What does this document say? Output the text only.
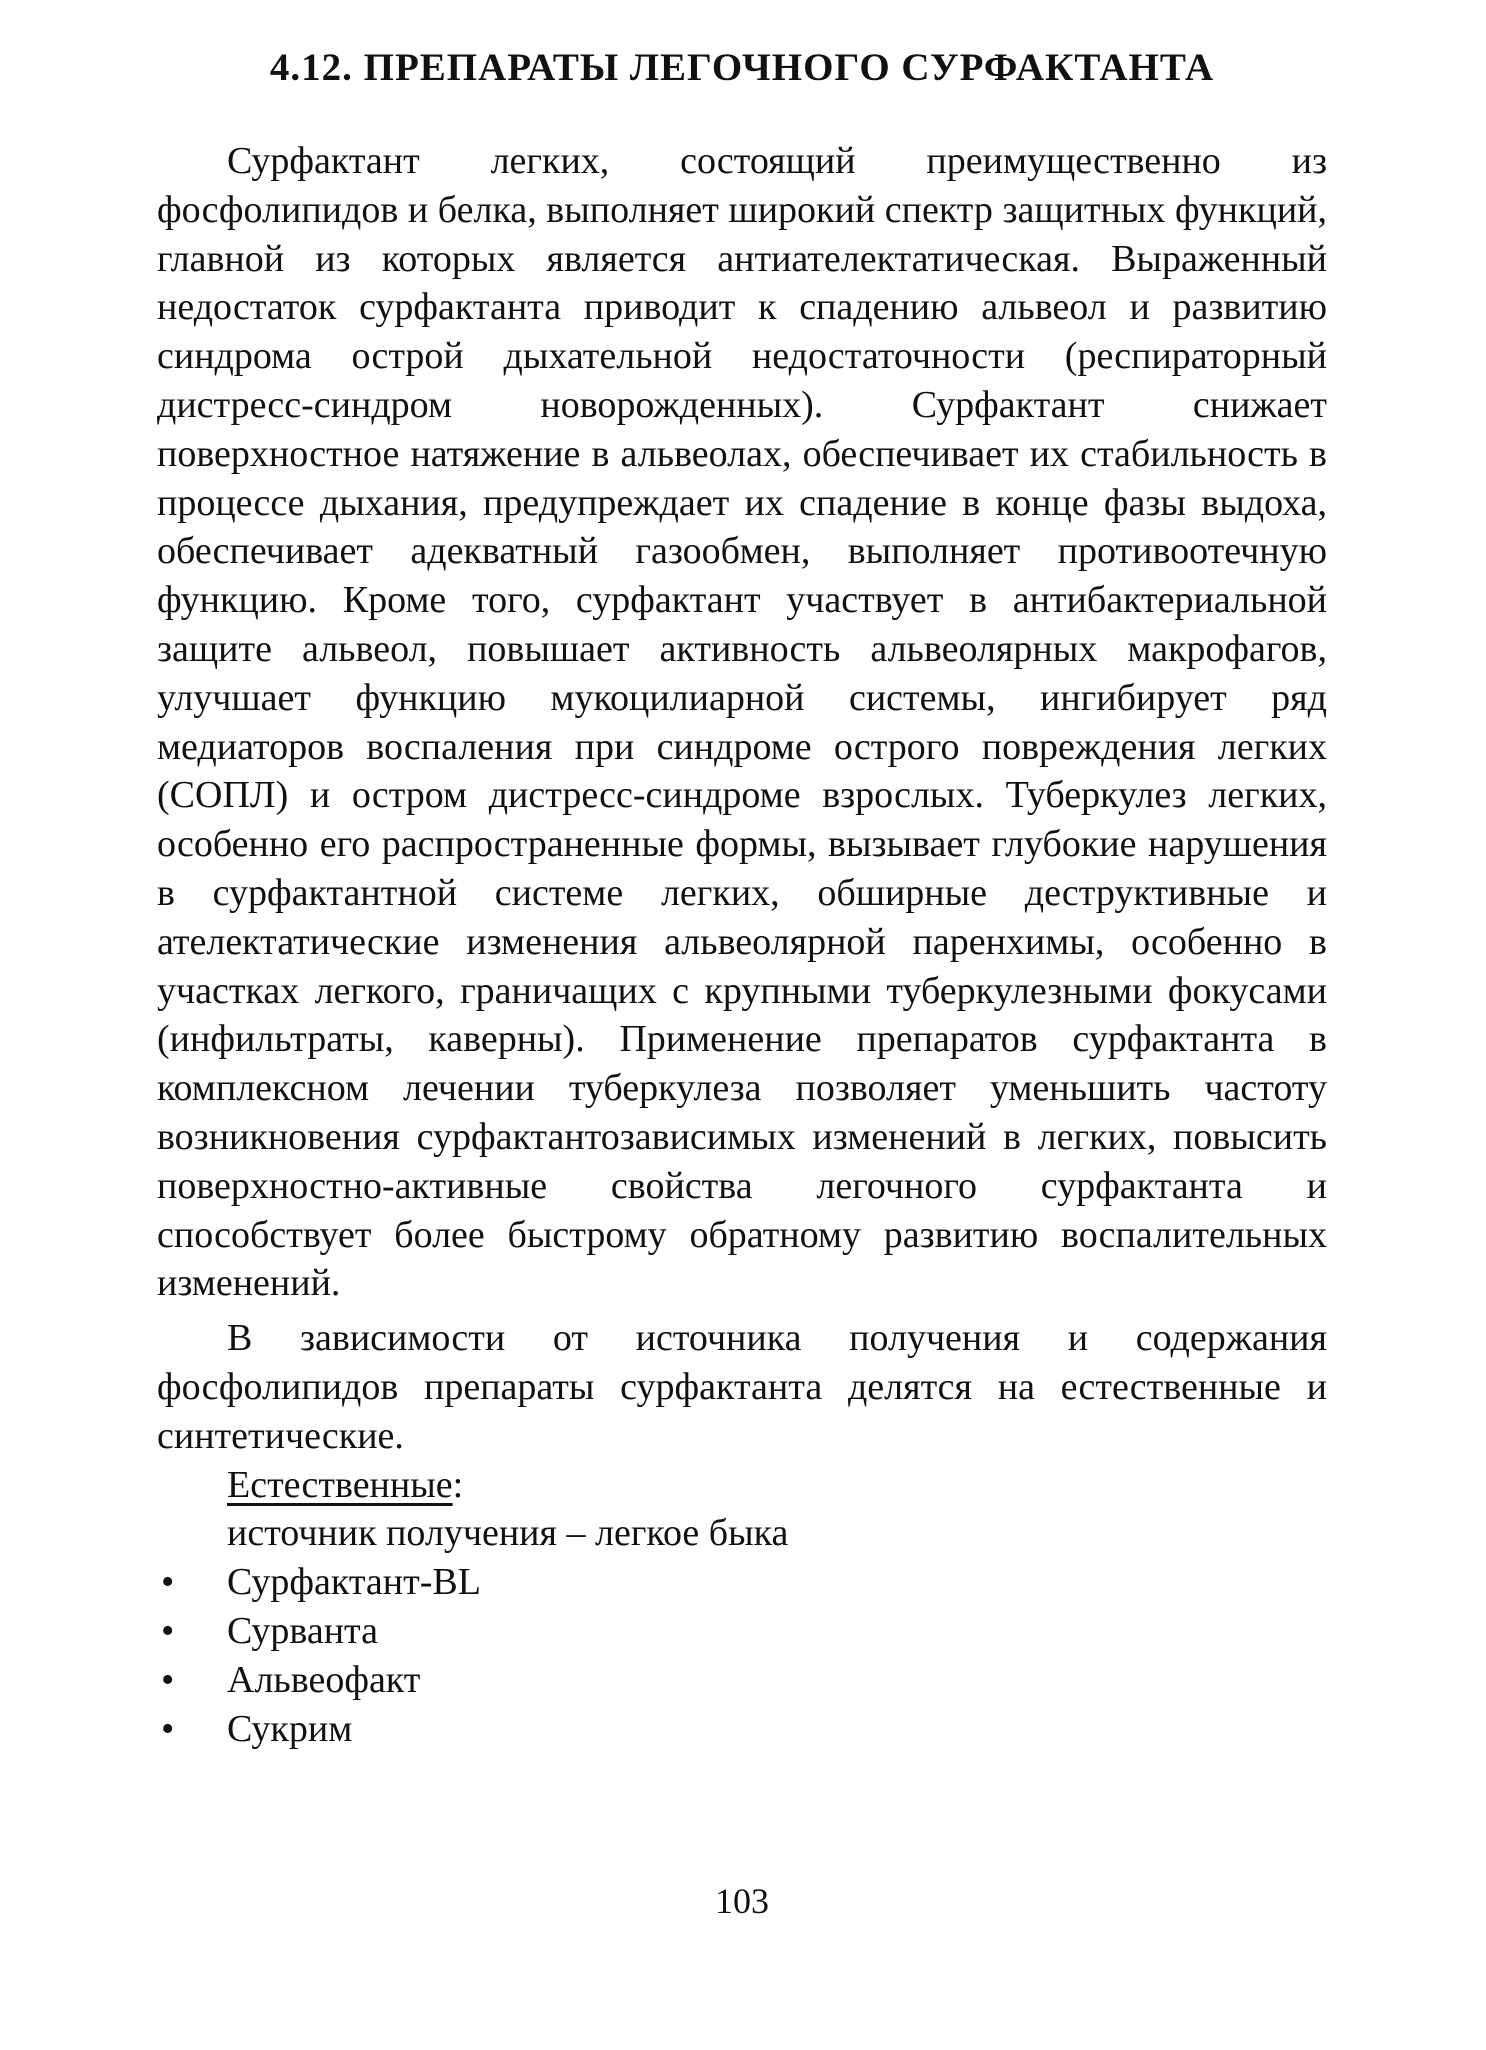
4.12. ПРЕПАРАТЫ ЛЕГОЧНОГО СУРФАКТАНТА

Сурфактант легких, состоящий преимущественно из фосфолипидов и белка, выполняет широкий спектр защитных функций, главной из которых является антиателектатическая. Выраженный недостаток сурфактанта приводит к спадению альвеол и развитию синдрома острой дыхательной недостаточности (респираторный дистресс-синдром новорожденных). Сурфактант снижает поверхностное натяжение в альвеолах, обеспечивает их стабильность в процессе дыхания, предупреждает их спадение в конце фазы выдоха, обеспечивает адекватный газообмен, выполняет противоотечную функцию. Кроме того, сурфактант участвует в антибактериальной защите альвеол, повышает активность альвеолярных макрофагов, улучшает функцию мукоцилиарной системы, ингибирует ряд медиаторов воспаления при синдроме острого повреждения легких (СОПЛ) и остром дистресс-синдроме взрослых. Туберкулез легких, особенно его распространенные формы, вызывает глубокие нарушения в сурфактантной системе легких, обширные деструктивные и ателектатические изменения альвеолярной паренхимы, особенно в участках легкого, граничащих с крупными туберкулезными фокусами (инфильтраты, каверны). Применение препаратов сурфактанта в комплексном лечении туберкулеза позволяет уменьшить частоту возникновения сурфактантозависимых изменений в легких, повысить поверхностно-активные свойства легочного сурфактанта и способствует более быстрому обратному развитию воспалительных изменений.

В зависимости от источника получения и содержания фосфолипидов препараты сурфактанта делятся на естественные и синтетические.

Естественные:

источник получения – легкое быка

• Сурфактант-BL
• Сурванта
• Альвеофакт
• Сукрим
103
